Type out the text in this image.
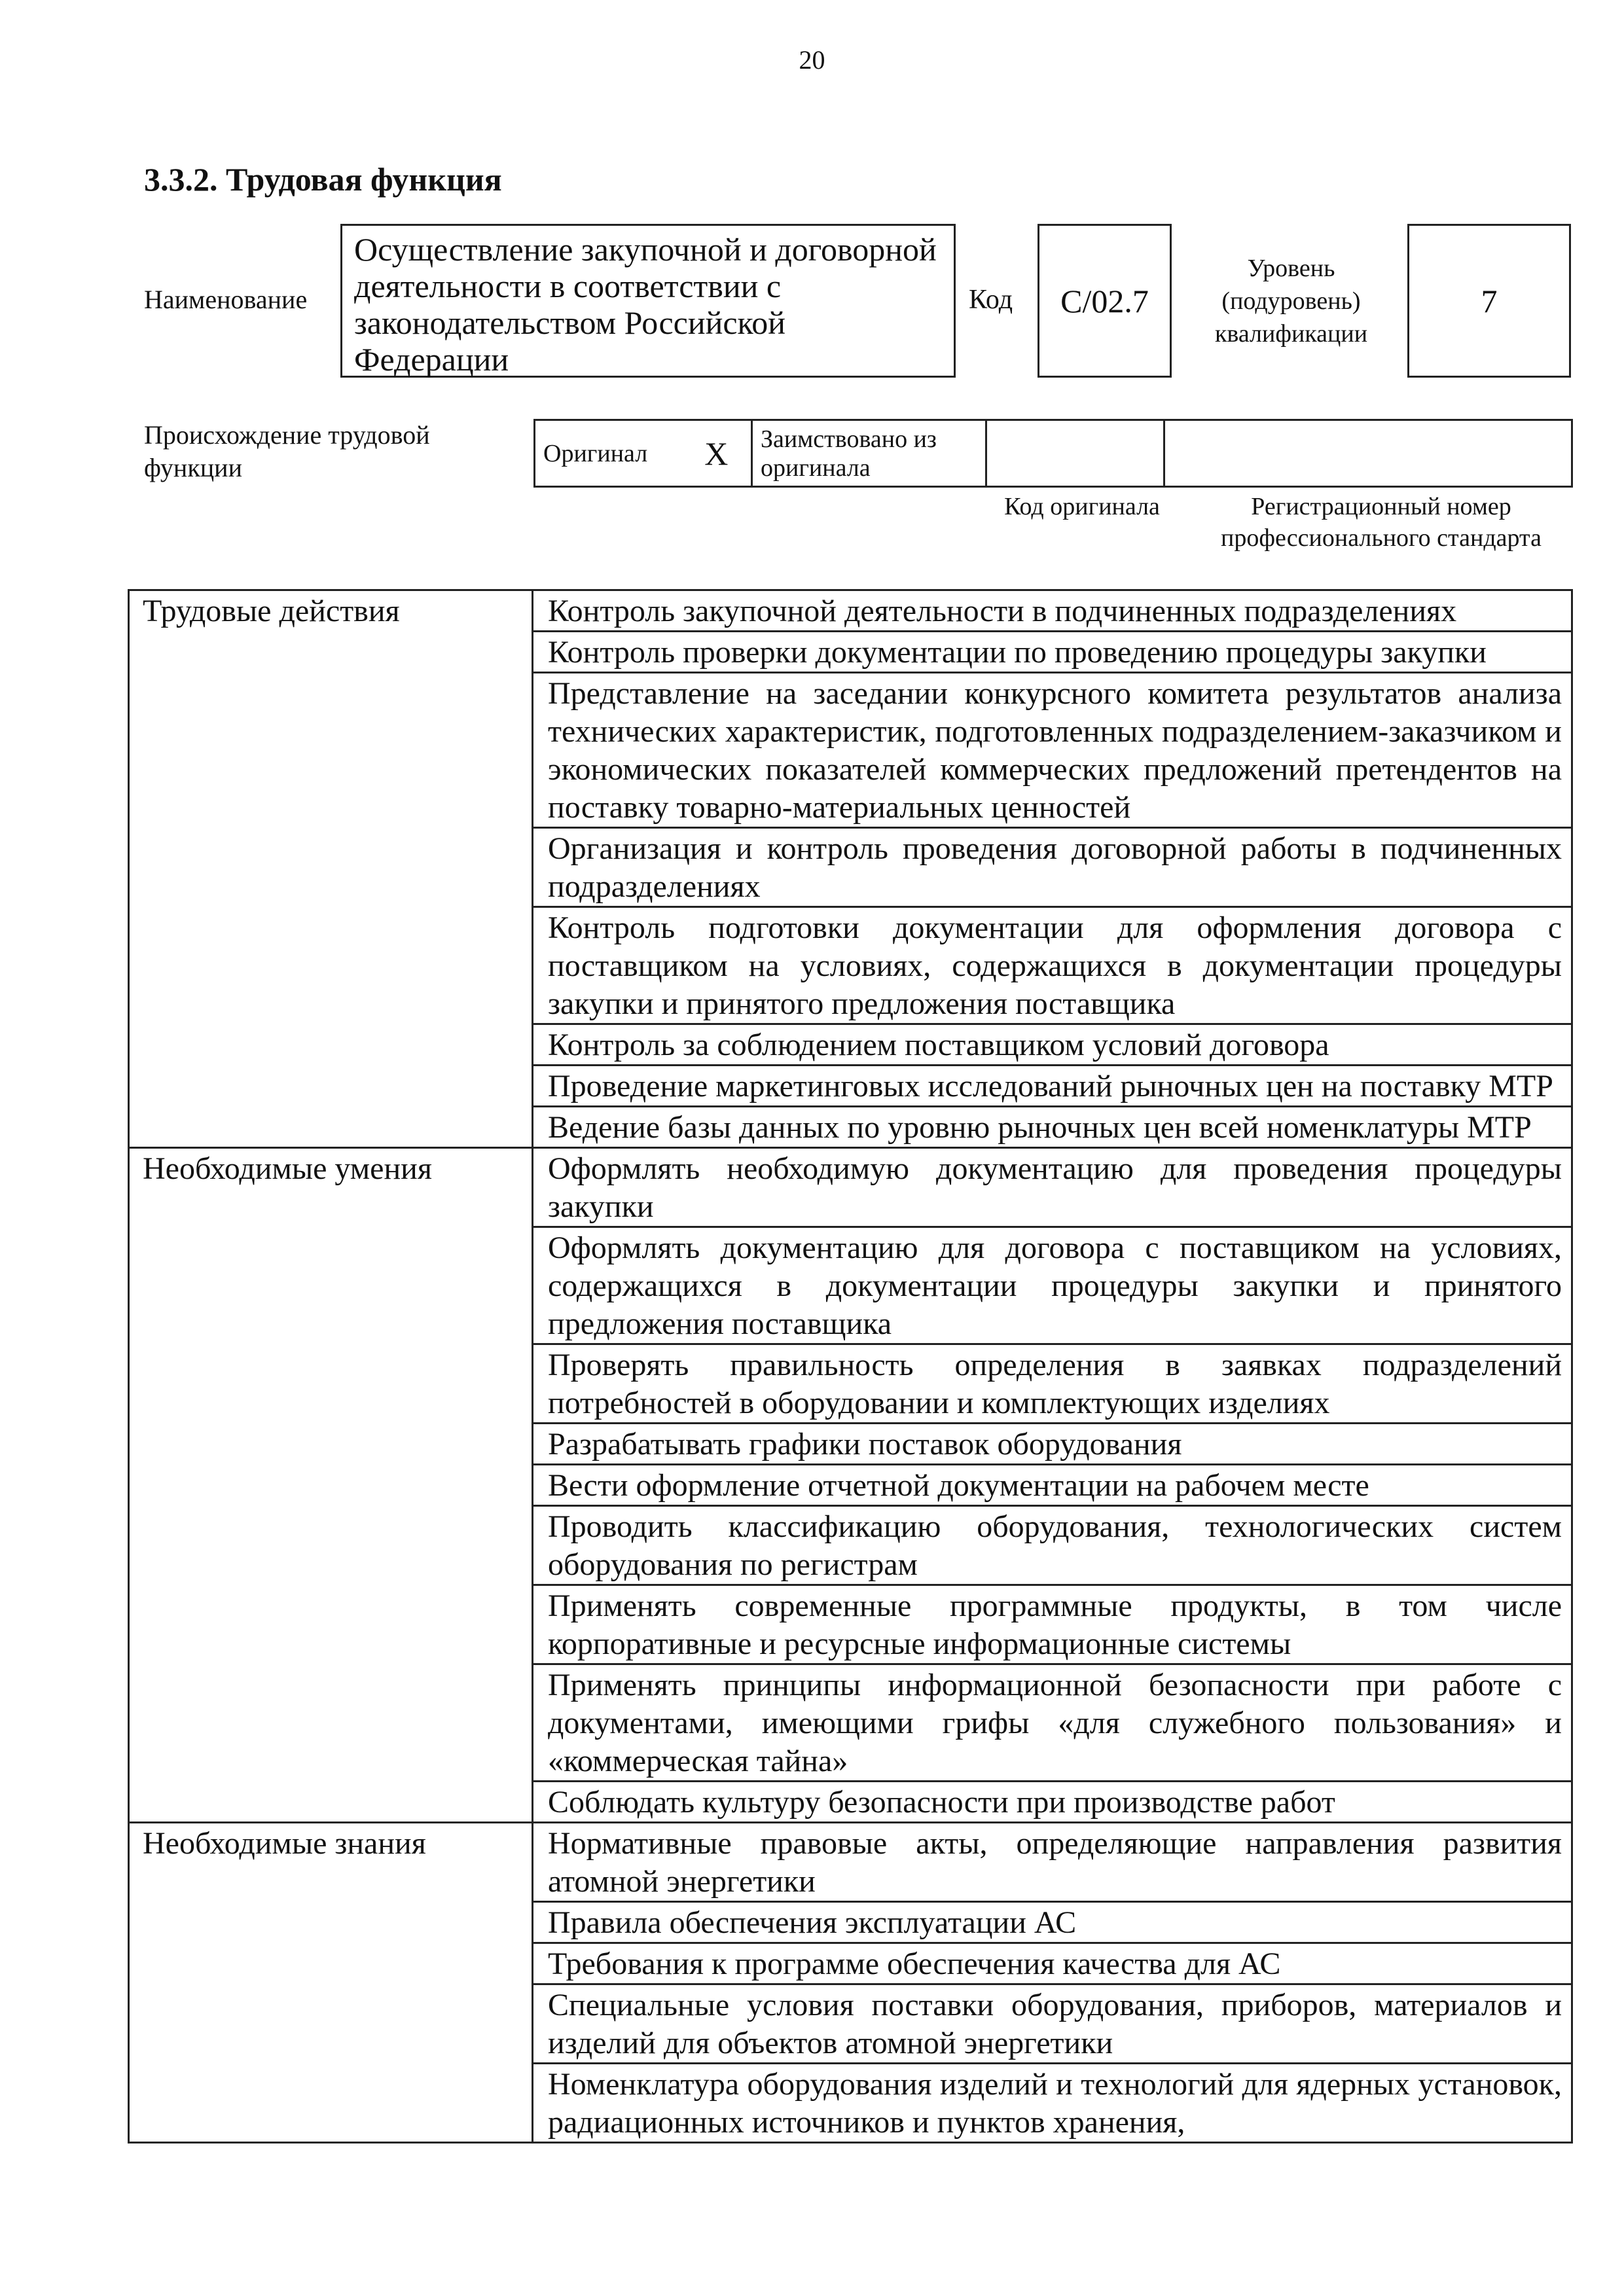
20
3.3.2. Трудовая функция
Наименование
Осуществление закупочной и договорной деятельности в соответствии с законодательством Российской Федерации
Код	C/02.7
Уровень (подуровень) квалификации
7
Происхождение трудовой функции	Оригинал	X	Заимствовано из оригинала		
Код оригинала	Регистрационный номер профессионального стандарта
Трудовые действия	Контроль закупочной деятельности в подчиненных подразделениях
	Контроль проверки документации по проведению процедуры закупки
	Представление на заседании конкурсного комитета результатов анализа технических характеристик, подготовленных подразделением-заказчиком и экономических показателей коммерческих предложений претендентов на поставку товарно-материальных ценностей
	Организация и контроль проведения договорной работы в подчиненных подразделениях
	Контроль подготовки документации для оформления договора с поставщиком на условиях, содержащихся в документации процедуры закупки и принятого предложения поставщика
	Контроль за соблюдением поставщиком условий договора
	Проведение маркетинговых исследований рыночных цен на поставку МТР
	Ведение базы данных по уровню рыночных цен всей номенклатуры МТР
Необходимые умения	Оформлять необходимую документацию для проведения процедуры закупки
	Оформлять документацию для договора с поставщиком на условиях, содержащихся в документации процедуры закупки и принятого предложения поставщика
	Проверять правильность определения в заявках подразделений потребностей в оборудовании и комплектующих изделиях
	Разрабатывать графики поставок оборудования
	Вести оформление отчетной документации на рабочем месте
	Проводить классификацию оборудования, технологических систем оборудования по регистрам
	Применять современные программные продукты, в том числе корпоративные и ресурсные информационные системы
	Применять принципы информационной безопасности при работе с документами, имеющими грифы «для служебного пользования» и «коммерческая тайна»
	Соблюдать культуру безопасности при производстве работ
Необходимые знания	Нормативные правовые акты, определяющие направления развития атомной энергетики
	Правила обеспечения эксплуатации АС
	Требования к программе обеспечения качества для АС
	Специальные условия поставки оборудования, приборов, материалов и изделий для объектов атомной энергетики
	Номенклатура оборудования изделий и технологий для ядерных установок, радиационных источников и пунктов хранения,
